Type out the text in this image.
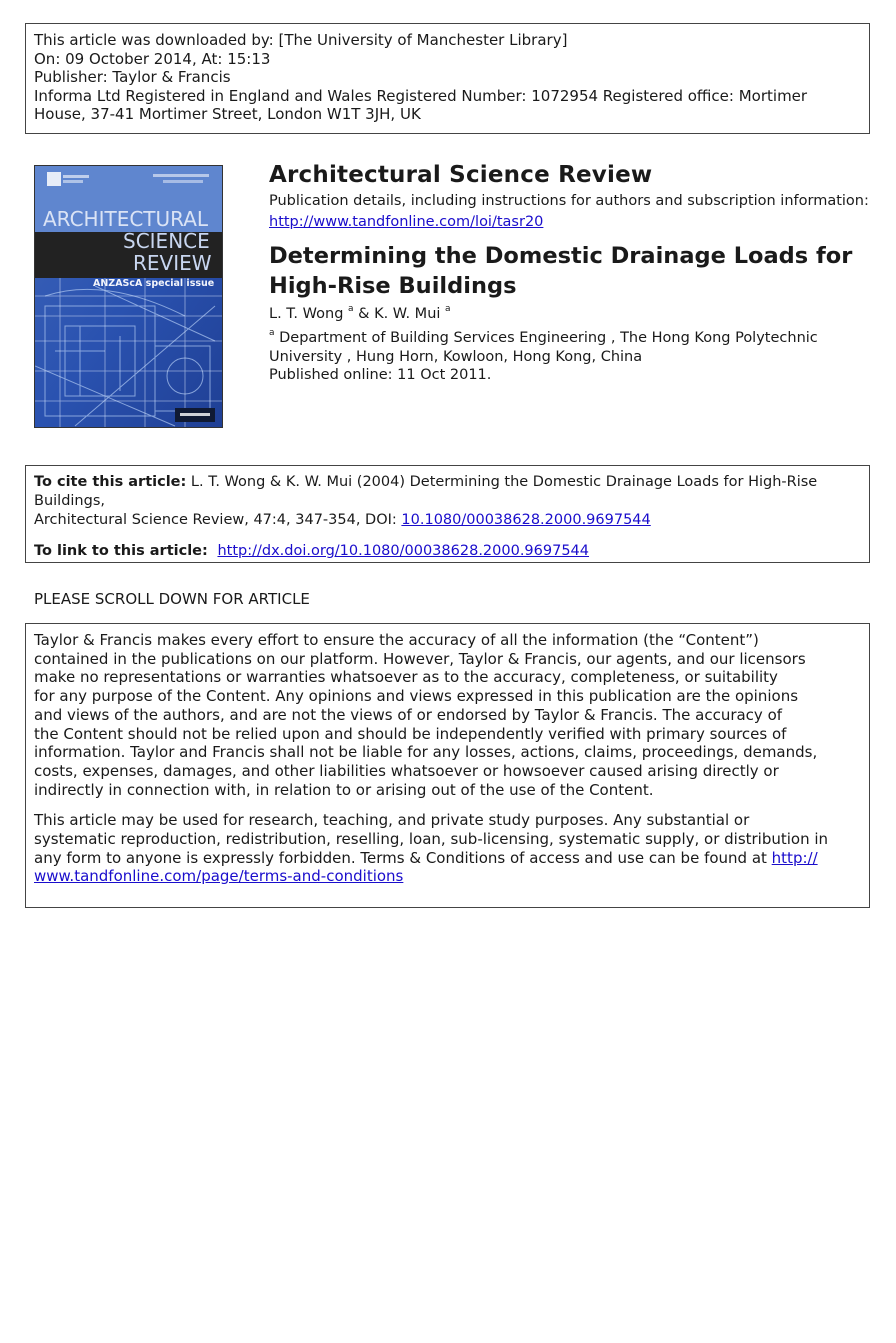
This article was downloaded by: [The University of Manchester Library]
On: 09 October 2014, At: 15:13
Publisher: Taylor & Francis
Informa Ltd Registered in England and Wales Registered Number: 1072954 Registered office: Mortimer
House, 37-41 Mortimer Street, London W1T 3JH, UK
ARCHITECTURAL
SCIENCE
REVIEW
ANZAScA special issue
Architectural Science Review
Publication details, including instructions for authors and subscription information:
http://www.tandfonline.com/loi/tasr20
Determining the Domestic Drainage Loads for
High-Rise Buildings
L. T. Wong $^a$ & K. W. Mui $^a$
$^a$ Department of Building Services Engineering , The Hong Kong Polytechnic
University , Hung Horn, Kowloon, Hong Kong, China
Published online: 11 Oct 2011.
To cite this article: L. T. Wong & K. W. Mui (2004) Determining the Domestic Drainage Loads for High-Rise Buildings,
Architectural Science Review, 47:4, 347-354, DOI: 10.1080/00038628.2000.9697544
To link to this article:  http://dx.doi.org/10.1080/00038628.2000.9697544
PLEASE SCROLL DOWN FOR ARTICLE
Taylor & Francis makes every effort to ensure the accuracy of all the information (the “Content”)
contained in the publications on our platform. However, Taylor & Francis, our agents, and our licensors
make no representations or warranties whatsoever as to the accuracy, completeness, or suitability
for any purpose of the Content. Any opinions and views expressed in this publication are the opinions
and views of the authors, and are not the views of or endorsed by Taylor & Francis. The accuracy of
the Content should not be relied upon and should be independently verified with primary sources of
information. Taylor and Francis shall not be liable for any losses, actions, claims, proceedings, demands,
costs, expenses, damages, and other liabilities whatsoever or howsoever caused arising directly or
indirectly in connection with, in relation to or arising out of the use of the Content.
This article may be used for research, teaching, and private study purposes. Any substantial or
systematic reproduction, redistribution, reselling, loan, sub-licensing, systematic supply, or distribution in
any form to anyone is expressly forbidden. Terms & Conditions of access and use can be found at http://
www.tandfonline.com/page/terms-and-conditions
